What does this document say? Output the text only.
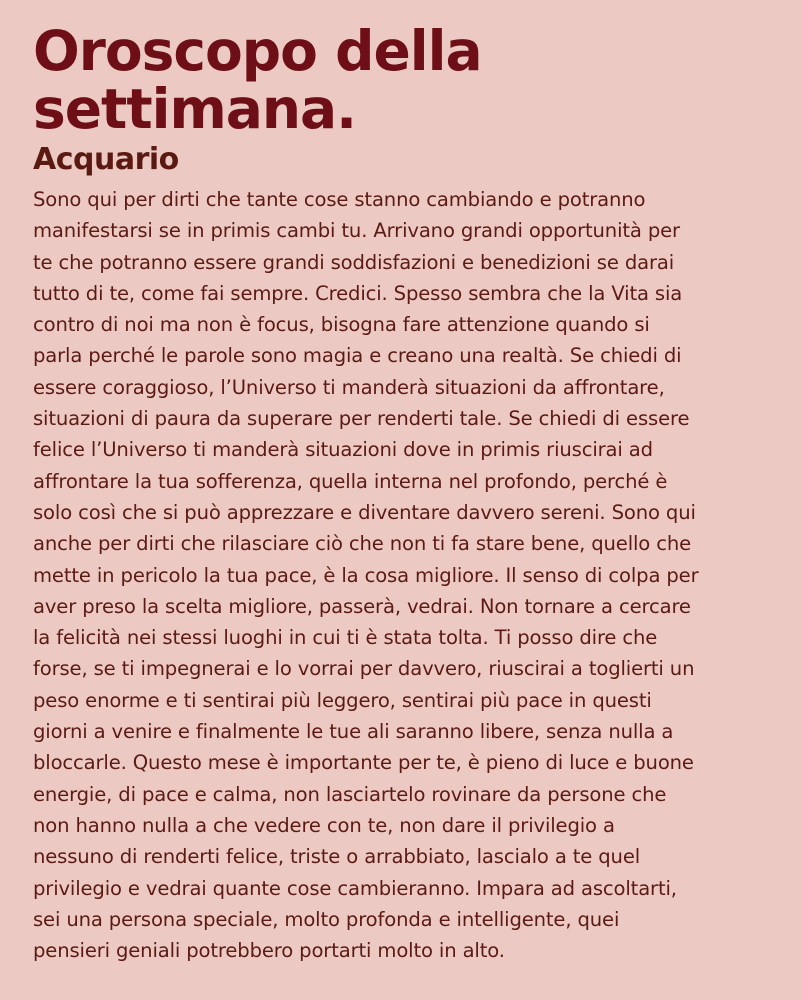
Oroscopo della
settimana.
Acquario
Sono qui per dirti che tante cose stanno cambiando e potranno
manifestarsi se in primis cambi tu. Arrivano grandi opportunità per
te che potranno essere grandi soddisfazioni e benedizioni se darai
tutto di te, come fai sempre. Credici. Spesso sembra che la Vita sia
contro di noi ma non è focus, bisogna fare attenzione quando si
parla perché le parole sono magia e creano una realtà. Se chiedi di
essere coraggioso, l’Universo ti manderà situazioni da affrontare,
situazioni di paura da superare per renderti tale. Se chiedi di essere
felice l’Universo ti manderà situazioni dove in primis riuscirai ad
affrontare la tua sofferenza, quella interna nel profondo, perché è
solo così che si può apprezzare e diventare davvero sereni. Sono qui
anche per dirti che rilasciare ciò che non ti fa stare bene, quello che
mette in pericolo la tua pace, è la cosa migliore. Il senso di colpa per
aver preso la scelta migliore, passerà, vedrai. Non tornare a cercare
la felicità nei stessi luoghi in cui ti è stata tolta. Ti posso dire che
forse, se ti impegnerai e lo vorrai per davvero, riuscirai a toglierti un
peso enorme e ti sentirai più leggero, sentirai più pace in questi
giorni a venire e finalmente le tue ali saranno libere, senza nulla a
bloccarle. Questo mese è importante per te, è pieno di luce e buone
energie, di pace e calma, non lasciartelo rovinare da persone che
non hanno nulla a che vedere con te, non dare il privilegio a
nessuno di renderti felice, triste o arrabbiato, lascialo a te quel
privilegio e vedrai quante cose cambieranno. Impara ad ascoltarti,
sei una persona speciale, molto profonda e intelligente, quei
pensieri geniali potrebbero portarti molto in alto.
